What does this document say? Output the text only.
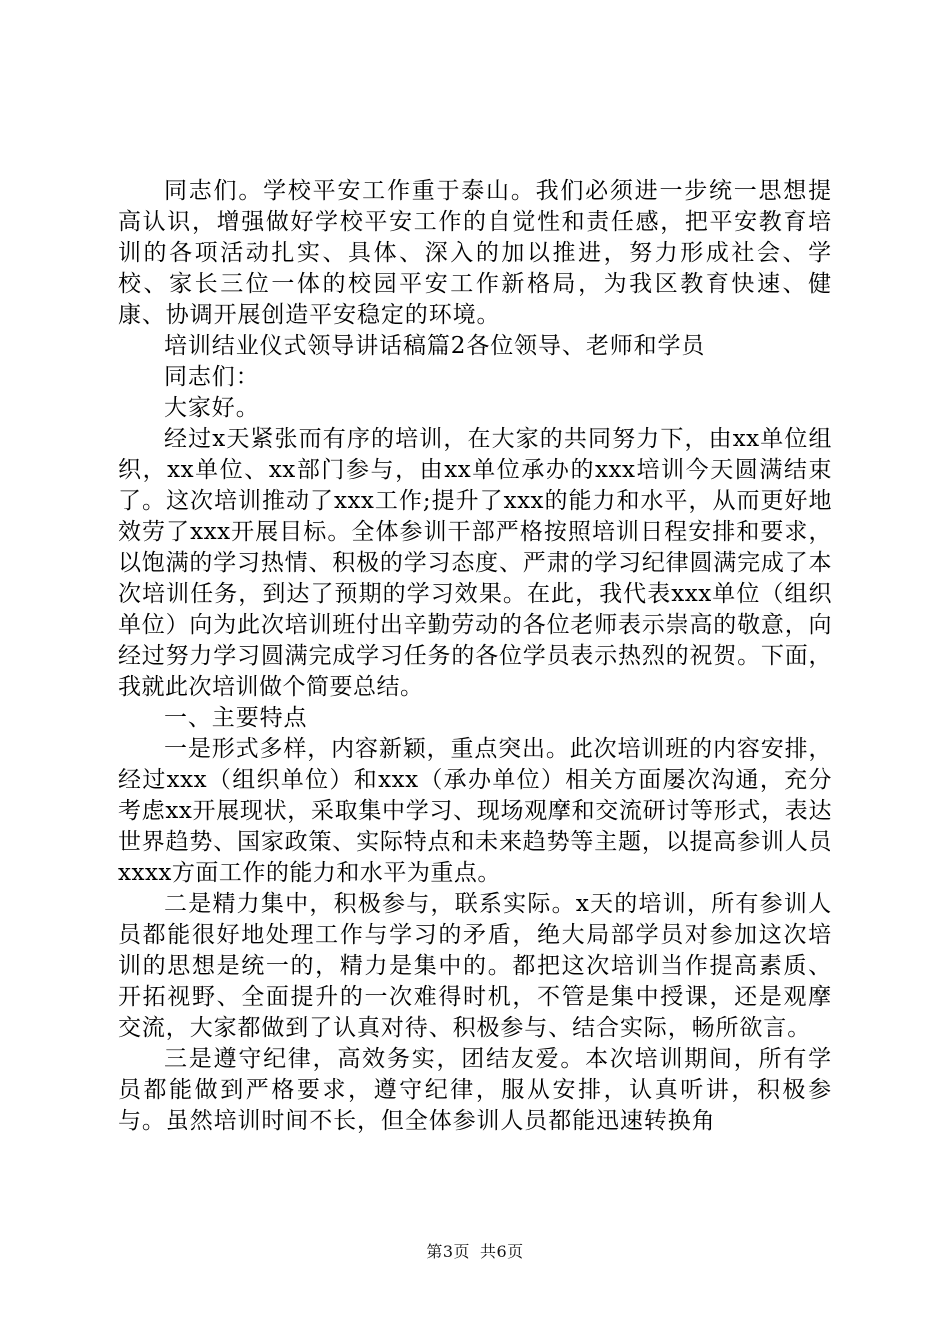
同志们。学校平安工作重于泰山。我们必须进一步统一思想提高认识，增强做好学校平安工作的自觉性和责任感，把平安教育培训的各项活动扎实、具体、深入的加以推进，努力形成社会、学校、家长三位一体的校园平安工作新格局，为我区教育快速、健康、协调开展创造平安稳定的环境。

培训结业仪式领导讲话稿篇2各位领导、老师和学员

同志们：

大家好。

经过x天紧张而有序的培训，在大家的共同努力下，由xx单位组织，xx单位、xx部门参与，由xx单位承办的xxx培训今天圆满结束了。这次培训推动了xxx工作;提升了xxx的能力和水平，从而更好地效劳了xxx开展目标。全体参训干部严格按照培训日程安排和要求，以饱满的学习热情、积极的学习态度、严肃的学习纪律圆满完成了本次培训任务，到达了预期的学习效果。在此，我代表xxx单位（组织单位）向为此次培训班付出辛勤劳动的各位老师表示崇高的敬意，向经过努力学习圆满完成学习任务的各位学员表示热烈的祝贺。下面，我就此次培训做个简要总结。

一、主要特点

一是形式多样，内容新颖，重点突出。此次培训班的内容安排，经过xxx（组织单位）和xxx（承办单位）相关方面屡次沟通，充分考虑xx开展现状，采取集中学习、现场观摩和交流研讨等形式，表达世界趋势、国家政策、实际特点和未来趋势等主题，以提高参训人员xxxx方面工作的能力和水平为重点。

二是精力集中，积极参与，联系实际。x天的培训，所有参训人员都能很好地处理工作与学习的矛盾，绝大局部学员对参加这次培训的思想是统一的，精力是集中的。都把这次培训当作提高素质、开拓视野、全面提升的一次难得时机，不管是集中授课，还是观摩交流，大家都做到了认真对待、积极参与、结合实际，畅所欲言。

三是遵守纪律，高效务实，团结友爱。本次培训期间，所有学员都能做到严格要求，遵守纪律，服从安排，认真听讲，积极参与。虽然培训时间不长，但全体参训人员都能迅速转换角

第3页 共6页
